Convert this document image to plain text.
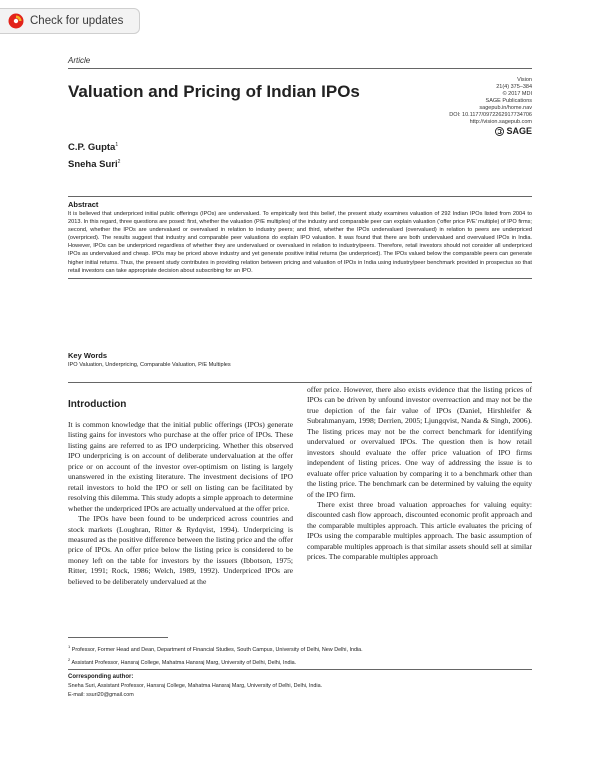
Check for updates
Article
Valuation and Pricing of Indian IPOs
Vision
21(4) 375–384
© 2017 MDI
SAGE Publications
sagepub.in/home.nav
DOI: 10.1177/0972262917734706
http://vision.sagepub.com
SAGE
C.P. Gupta$^1$
Sneha Suri$^2$
Abstract

It is believed that underpriced initial public offerings (IPOs) are undervalued. To empirically test this belief, the present study examines valuation of 292 Indian IPOs listed from 2004 to 2013. In this regard, three questions are posed: first, whether the valuation (P/E multiples) of the industry and comparable peer can explain valuation (‘offer price P/E’ multiple) of IPO firms; second, whether the IPOs are undervalued or overvalued in relation to industry peers; and third, whether the IPOs undervalued (overvalued) in relation to peers are underpriced (overpriced). The results suggest that industry and comparable peer valuations do explain IPO valuation. It was found that there are both undervalued and overvalued IPOs in India. However, IPOs can be underpriced regardless of whether they are undervalued or overvalued in relation to industry/peers. Therefore, retail investors should not consider all underpriced IPOs as undervalued and cheap. IPOs may be priced above industry and yet generate positive initial returns (be underpriced). The IPOs valued below the comparable peers can generate higher initial returns. Thus, the present study contributes in providing relation between pricing and valuation of IPOs in India using industry/peer benchmark provided in prospectus so that retail investors can take appropriate decision about subscribing for an IPO.

Key Words
IPO Valuation, Underpricing, Comparable Valuation, P/E Multiples
Introduction

It is common knowledge that the initial public offerings (IPOs) generate listing gains for investors who purchase at the offer price of IPOs. These listing gains are referred to as IPO underpricing. Whether this observed IPO underpricing is on account of deliberate undervaluation at the offer price or on account of the investor over-optimism on listing is largely unanswered in the existing literature. The investment decisions of IPO retail investors to hold the IPO or sell on listing can be facilitated by resolving this dilemma. This study adopts a simple approach to determine whether the underpriced IPOs are actually undervalued at the offer price.

The IPOs have been found to be underpriced across countries and stock markets (Loughran, Ritter & Rydqvist, 1994). Underpricing is measured as the positive difference between the listing price and the offer price of IPOs. An offer price below the listing price is considered to be money left on the table for investors by the issuers (Ibbotson, 1975; Ritter, 1991; Rock, 1986; Welch, 1989, 1992). Underpriced IPOs are believed to be deliberately undervalued at the

offer price. However, there also exists evidence that the listing prices of IPOs can be driven by unfound investor overreaction and may not be the true depiction of the fair value of IPOs (Daniel, Hirshleifer & Subrahmanyam, 1998; Derrien, 2005; Ljungqvist, Nanda & Singh, 2006). The listing prices may not be the correct benchmark for identifying undervalued or overvalued IPOs. The question then is how retail investors should evaluate the offer price valuation of IPO firms independent of listing prices. One way of addressing the issue is to evaluate offer price valuation by comparing it to a benchmark other than the listing price. The benchmark can be determined by valuing the equity of the IPO firm.

There exist three broad valuation approaches for valuing equity: discounted cash flow approach, discounted economic profit approach and the comparable multiples approach. This article evaluates the pricing of IPOs using the comparable multiples approach. The basic assumption of comparable multiples approach is that similar assets should sell at similar prices. The comparable multiples approach

$^1$ Professor, Former Head and Dean, Department of Financial Studies, South Campus, University of Delhi, New Delhi, India.
$^2$ Assistant Professor, Hansraj College, Mahatma Hansraj Marg, University of Delhi, Delhi, India.
Corresponding author:
Sneha Suri, Assistant Professor, Hansraj College, Mahatma Hansraj Marg, University of Delhi, Delhi, India.
E-mail: ssuri20@gmail.com
